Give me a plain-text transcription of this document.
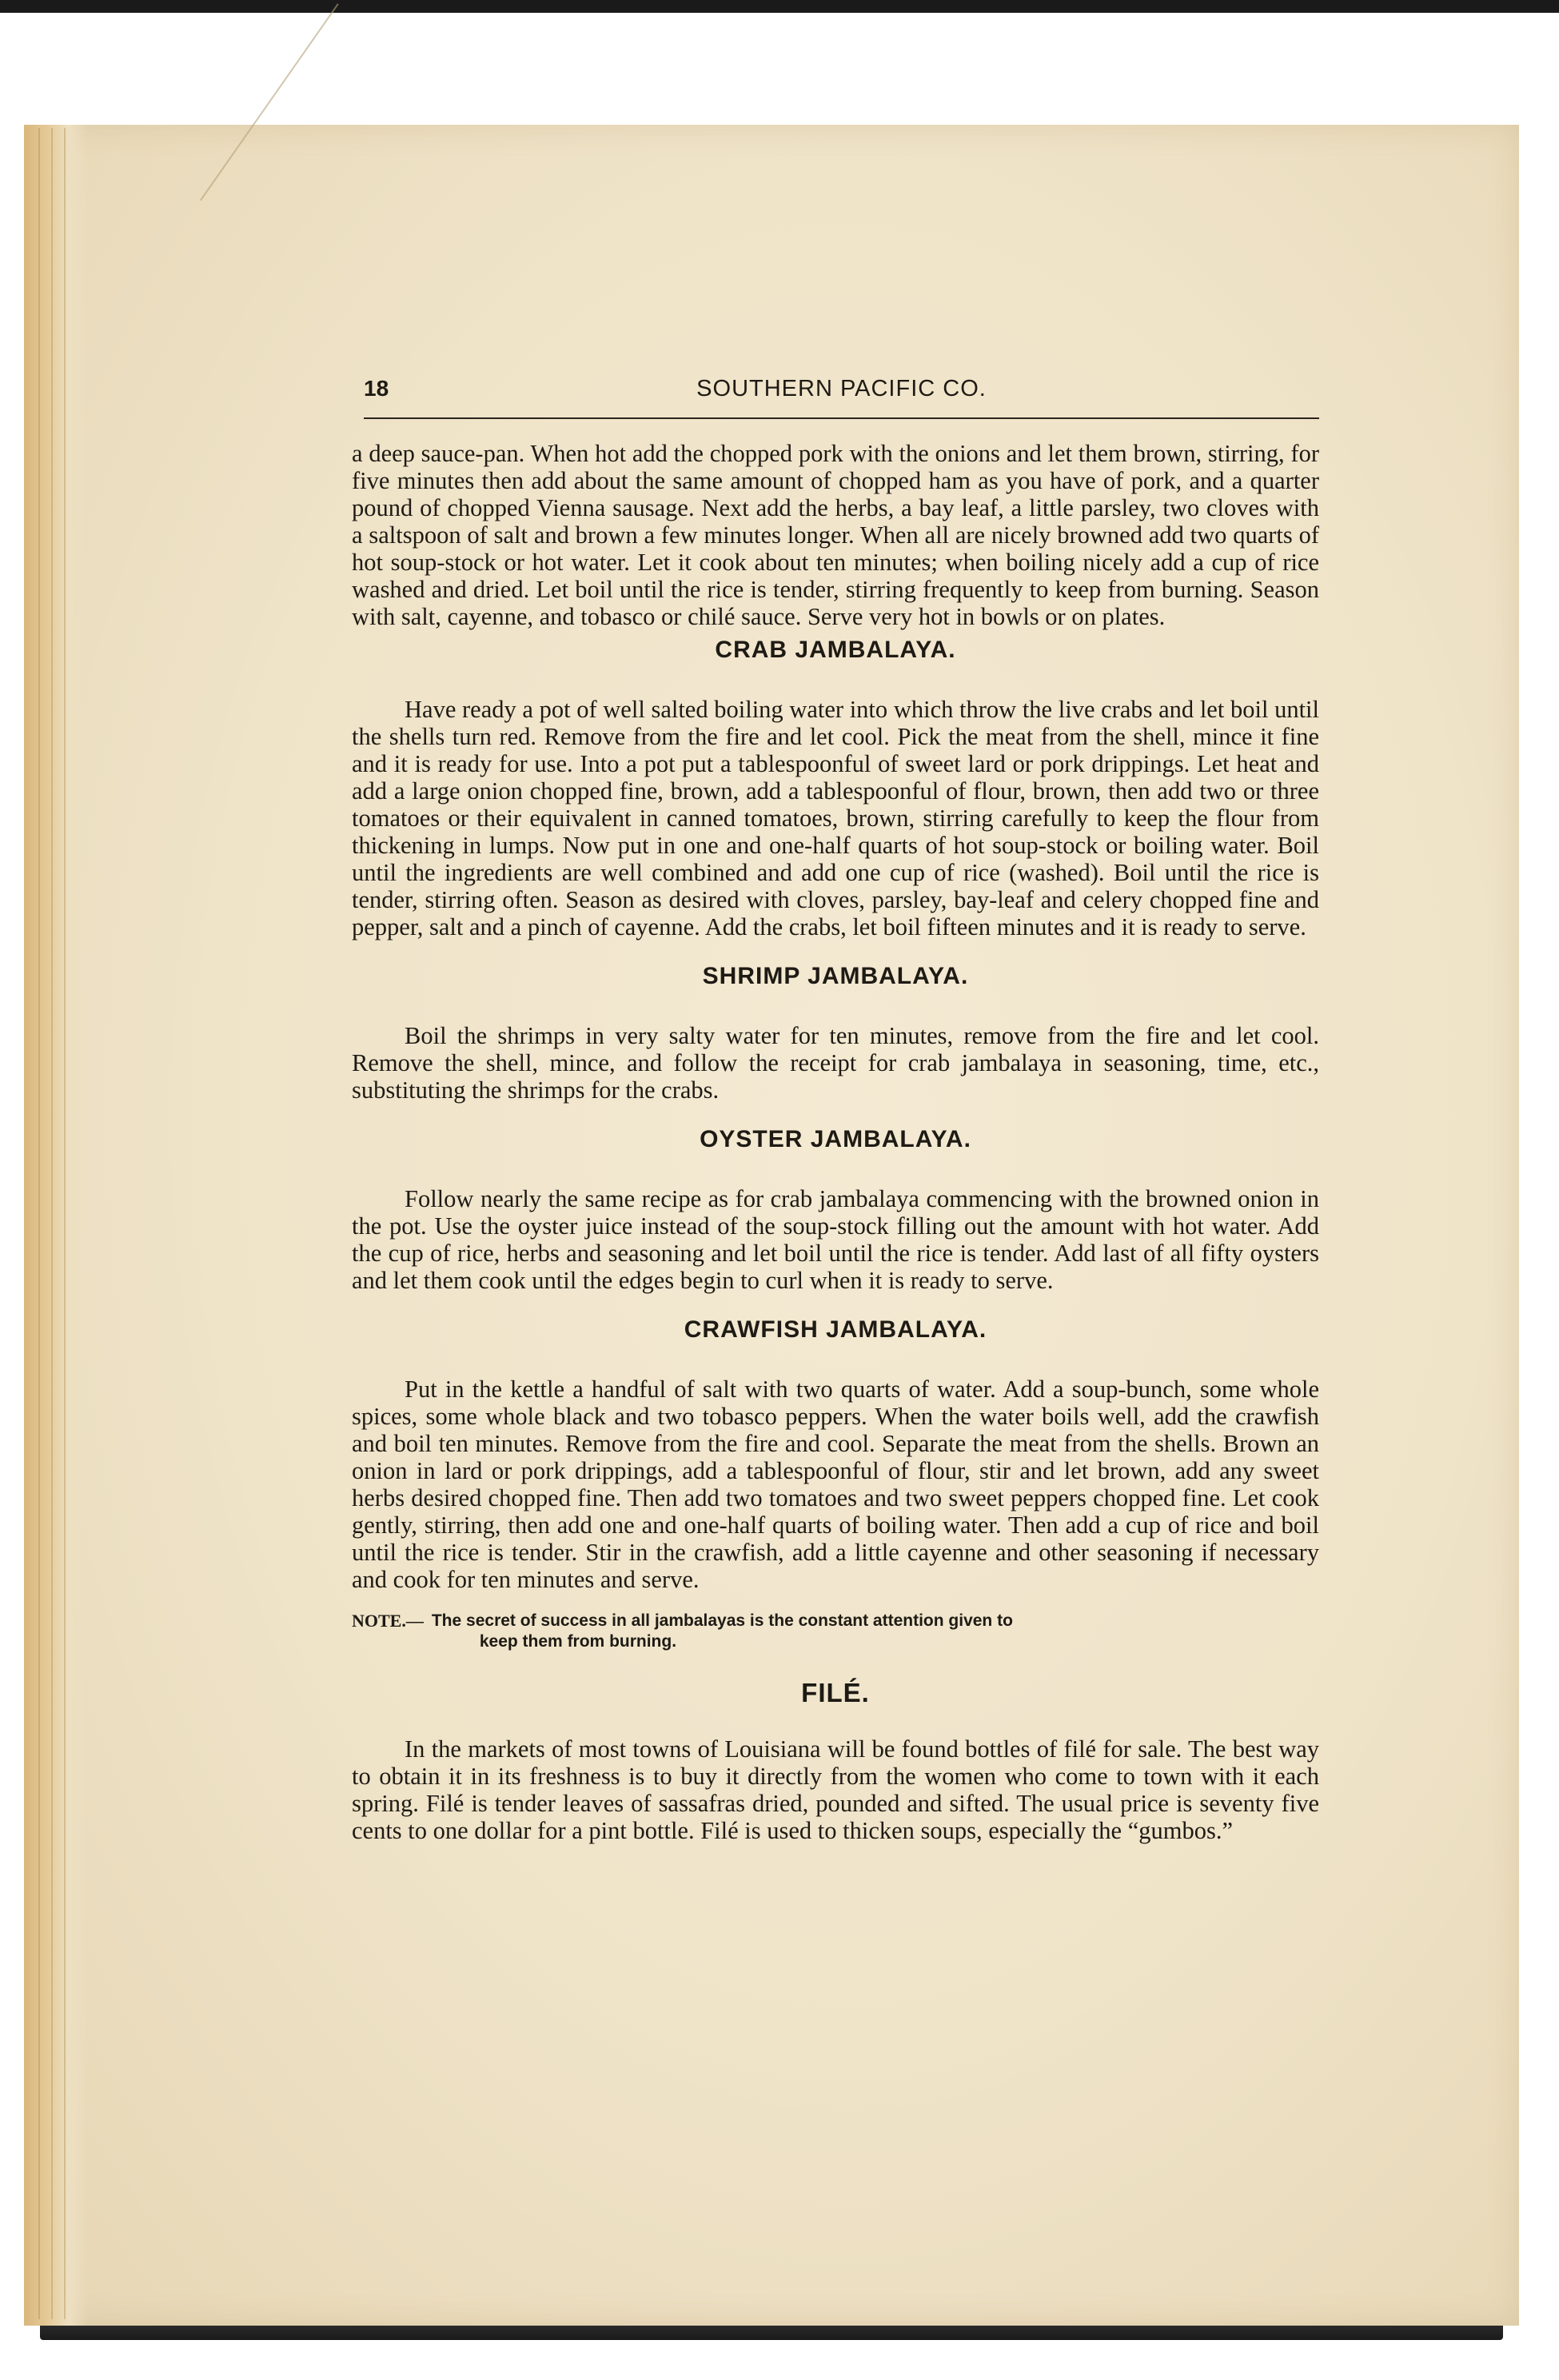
18	SOUTHERN PACIFIC CO.

a deep sauce-pan. When hot add the chopped pork with the onions and let them brown, stirring, for five minutes then add about the same amount of chopped ham as you have of pork, and a quarter pound of chopped Vienna sausage. Next add the herbs, a bay leaf, a little parsley, two cloves with a saltspoon of salt and brown a few minutes longer. When all are nicely browned add two quarts of hot soup-stock or hot water. Let it cook about ten minutes; when boiling nicely add a cup of rice washed and dried. Let boil until the rice is tender, stirring frequently to keep from burning. Season with salt, cayenne, and tobasco or chilé sauce. Serve very hot in bowls or on plates.

CRAB JAMBALAYA.

Have ready a pot of well salted boiling water into which throw the live crabs and let boil until the shells turn red. Remove from the fire and let cool. Pick the meat from the shell, mince it fine and it is ready for use. Into a pot put a tablespoonful of sweet lard or pork drippings. Let heat and add a large onion chopped fine, brown, add a tablespoonful of flour, brown, then add two or three tomatoes or their equivalent in canned tomatoes, brown, stirring carefully to keep the flour from thickening in lumps. Now put in one and one-half quarts of hot soup-stock or boiling water. Boil until the ingredients are well combined and add one cup of rice (washed). Boil until the rice is tender, stirring often. Season as desired with cloves, parsley, bay-leaf and celery chopped fine and pepper, salt and a pinch of cayenne. Add the crabs, let boil fifteen minutes and it is ready to serve.

SHRIMP JAMBALAYA.

Boil the shrimps in very salty water for ten minutes, remove from the fire and let cool. Remove the shell, mince, and follow the receipt for crab jambalaya in seasoning, time, etc., substituting the shrimps for the crabs.

OYSTER JAMBALAYA.

Follow nearly the same recipe as for crab jambalaya commencing with the browned onion in the pot. Use the oyster juice instead of the soup-stock filling out the amount with hot water. Add the cup of rice, herbs and seasoning and let boil until the rice is tender. Add last of all fifty oysters and let them cook until the edges begin to curl when it is ready to serve.

CRAWFISH JAMBALAYA.

Put in the kettle a handful of salt with two quarts of water. Add a soup-bunch, some whole spices, some whole black and two tobasco peppers. When the water boils well, add the crawfish and boil ten minutes. Remove from the fire and cool. Separate the meat from the shells. Brown an onion in lard or pork drippings, add a tablespoonful of flour, stir and let brown, add any sweet herbs desired chopped fine. Then add two tomatoes and two sweet peppers chopped fine. Let cook gently, stirring, then add one and one-half quarts of boiling water. Then add a cup of rice and boil until the rice is tender. Stir in the crawfish, add a little cayenne and other seasoning if necessary and cook for ten minutes and serve.

NOTE.— The secret of success in all jambalayas is the constant attention given to
keep them from burning.
FILÉ.

In the markets of most towns of Louisiana will be found bottles of filé for sale. The best way to obtain it in its freshness is to buy it directly from the women who come to town with it each spring. Filé is tender leaves of sassafras dried, pounded and sifted. The usual price is seventy five cents to one dollar for a pint bottle. Filé is used to thicken soups, especially the “gumbos.”
